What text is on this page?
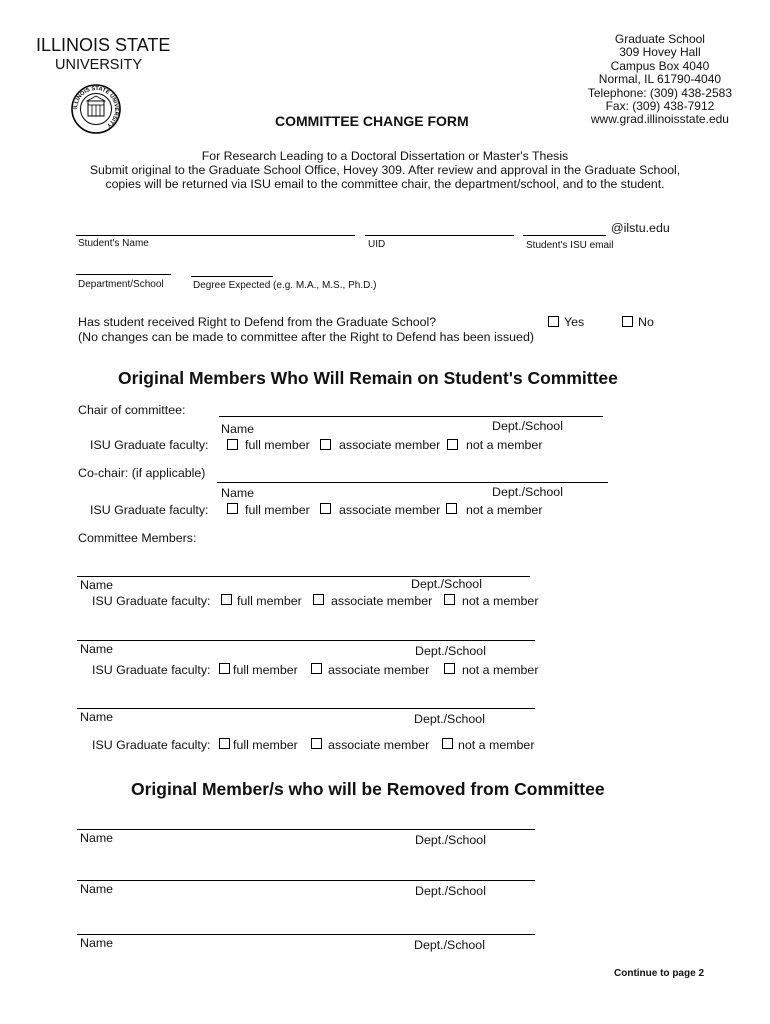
ILLINOIS STATE
UNIVERSITY
ILLINOIS STATE UNIVERSITY
Graduate School
309 Hovey Hall
Campus Box 4040
Normal, IL 61790-4040
Telephone: (309) 438-2583
Fax: (309) 438-7912
www.grad.illinoisstate.edu
COMMITTEE CHANGE FORM
For Research Leading to a Doctoral Dissertation or Master's Thesis
Submit original to the Graduate School Office, Hovey 309. After review and approval in the Graduate School,
copies will be returned via ISU email to the committee chair, the department/school, and to the student.
@ilstu.edu
Student's Name	UID	Student's ISU email
Department/School	Degree Expected (e.g. M.A., M.S., Ph.D.)
Has student received Right to Defend from the Graduate School?
(No changes can be made to committee after the Right to Defend has been issued)
Yes	No
Original Members Who Will Remain on Student's Committee
Chair of committee:
Name	Dept./School
ISU Graduate faculty:	full member associate member not a member
Co-chair: (if applicable)
Name	Dept./School
ISU Graduate faculty:	full member associate member not a member
Committee Members:
Name	Dept./School
ISU Graduate faculty: full member associate member not a member
Name	Dept./School
ISU Graduate faculty: full member associate member	not a member
Name	Dept./School
ISU Graduate faculty: full member associate member not a member
Original Member/s who will be Removed from Committee
Name	Dept./School
Name	Dept./School
Name	Dept./School
Continue to page 2
